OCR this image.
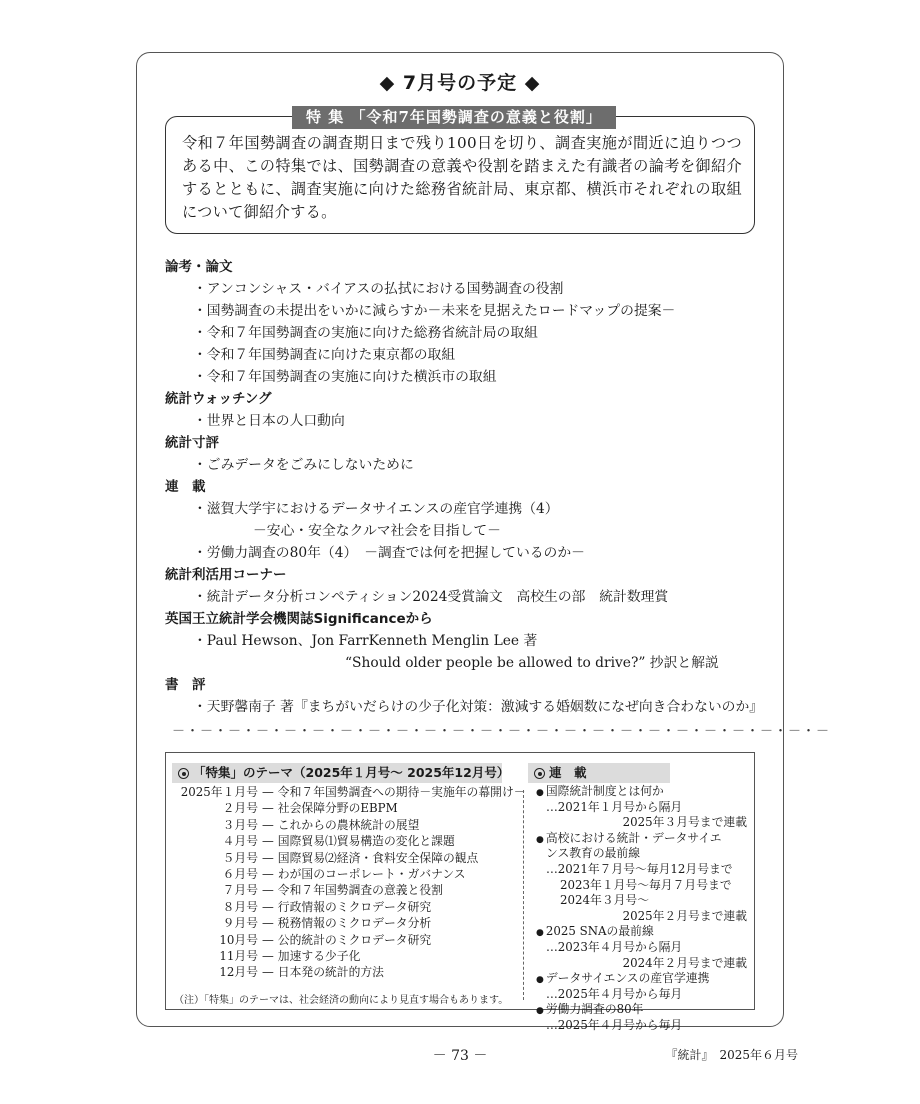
◆ 7月号の予定 ◆
特 集 「令和7年国勢調査の意義と役割」
令和７年国勢調査の調査期日まで残り100日を切り、調査実施が間近に迫りつつある中、この特集では、国勢調査の意義や役割を踏まえた有識者の論考を御紹介するとともに、調査実施に向けた総務省統計局、東京都、横浜市それぞれの取組について御紹介する。
論考・論文
・アンコンシャス・バイアスの払拭における国勢調査の役割
・国勢調査の未提出をいかに減らすか－未来を見据えたロードマップの提案－
・令和７年国勢調査の実施に向けた総務省統計局の取組
・令和７年国勢調査に向けた東京都の取組
・令和７年国勢調査の実施に向けた横浜市の取組
統計ウォッチング
・世界と日本の人口動向
統計寸評
・ごみデータをごみにしないために
連　載
・滋賀大学宇におけるデータサイエンスの産官学連携（4）
－安心・安全なクルマ社会を目指して－
・労働力調査の80年（4）　－調査では何を把握しているのか－
統計利活用コーナー
・統計データ分析コンペティション2024受賞論文　高校生の部　統計数理賞
英国王立統計学会機関誌Significanceから
・Paul Hewson、Jon FarrKenneth Menglin Lee 著
“Should older people be allowed to drive?” 抄訳と解説
書　評
・天野馨南子 著『まちがいだらけの少子化対策：激減する婚姻数になぜ向き合わないのか』
－・－・－・－・－・－・－・－・－・－・－・－・－・－・－・－・－・－・－・－・－・－・－・－
「特集」のテーマ（2025年１月号～ 2025年12月号）	連　載
2025年１月号 — 令和７年国勢調査への期待－実施年の幕開け－
２月号 — 社会保障分野のEBPM
３月号 — これからの農林統計の展望
４月号 — 国際貿易⑴貿易構造の変化と課題
５月号 — 国際貿易⑵経済・食料安全保障の観点
６月号 — わが国のコーポレート・ガバナンス
７月号 — 令和７年国勢調査の意義と役割
８月号 — 行政情報のミクロデータ研究
９月号 — 税務情報のミクロデータ分析
10月号 — 公的統計のミクロデータ研究
11月号 — 加速する少子化
12月号 — 日本発の統計的方法
（注）「特集」のテーマは、社会経済の動向により見直す場合もあります。
● 国際統計制度とは何か
…2021年１月号から隔月
2025年３月号まで連載
● 高校における統計・データサイエ
ンス教育の最前線
…2021年７月号～毎月12月号まで
2023年１月号～毎月７月号まで
2024年３月号～
2025年２月号まで連載
● 2025 SNAの最前線
…2023年４月号から隔月
2024年２月号まで連載
● データサイエンスの産官学連携
…2025年４月号から毎月
● 労働力調査の80年
…2025年４月号から毎月
－ 73 －	『統計』　2025年６月号
